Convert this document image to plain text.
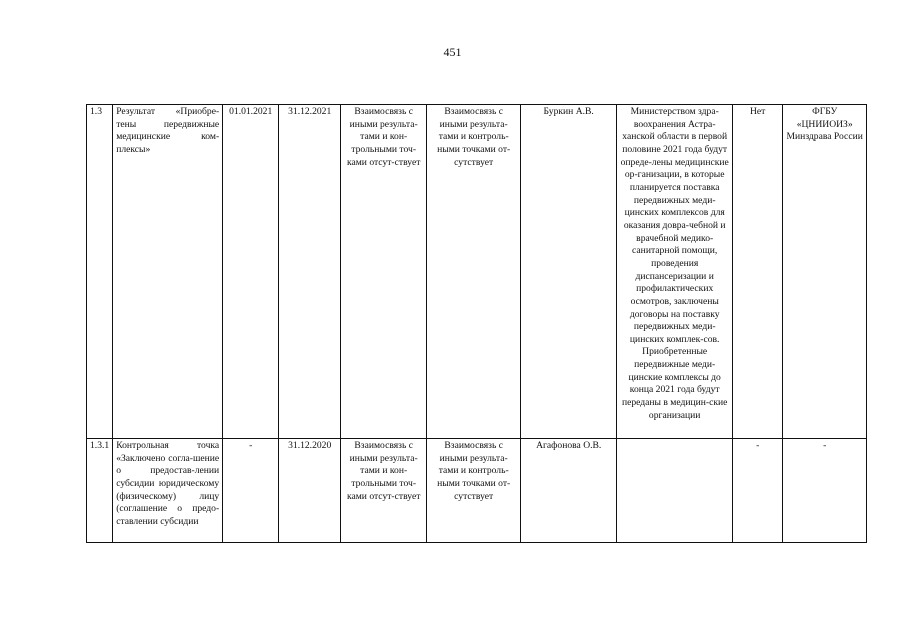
451
1.3	Результат «Приобре-тены передвижные медицинские ком-плексы»	01.01.2021	31.12.2021	Взаимосвязь с иными результа-тами и кон-трольными точ-ками отсут-ствует	Взаимосвязь с иными результа-тами и контроль-ными точками от-сутствует	Буркин А.В.	Министерством здра-воохранения Астра-ханской области в первой половине 2021 года будут опреде-лены медицинские ор-ганизации, в которые планируется поставка передвижных меди-цинских комплексов для оказания довра-чебной и врачебной медико-санитарной помощи, проведения диспансеризации и профилактических осмотров, заключены договоры на поставку передвижных меди-цинских комплек-сов. Приобретенные передвижные меди-цинские комплексы до конца 2021 года будут переданы в медицин-ские организации	Нет	ФГБУ «ЦНИИОИЗ» Минздрава России
1.3.1	Контрольная точка «Заключено согла-шение о предостав-лении субсидии юридическому (физическому) лицу (соглашение о предо-ставлении субсидии	-	31.12.2020	Взаимосвязь с иными результа-тами и кон-трольными точ-ками отсут-ствует	Взаимосвязь с иными результа-тами и контроль-ными точками от-сутствует	Агафонова О.В.		-	-
